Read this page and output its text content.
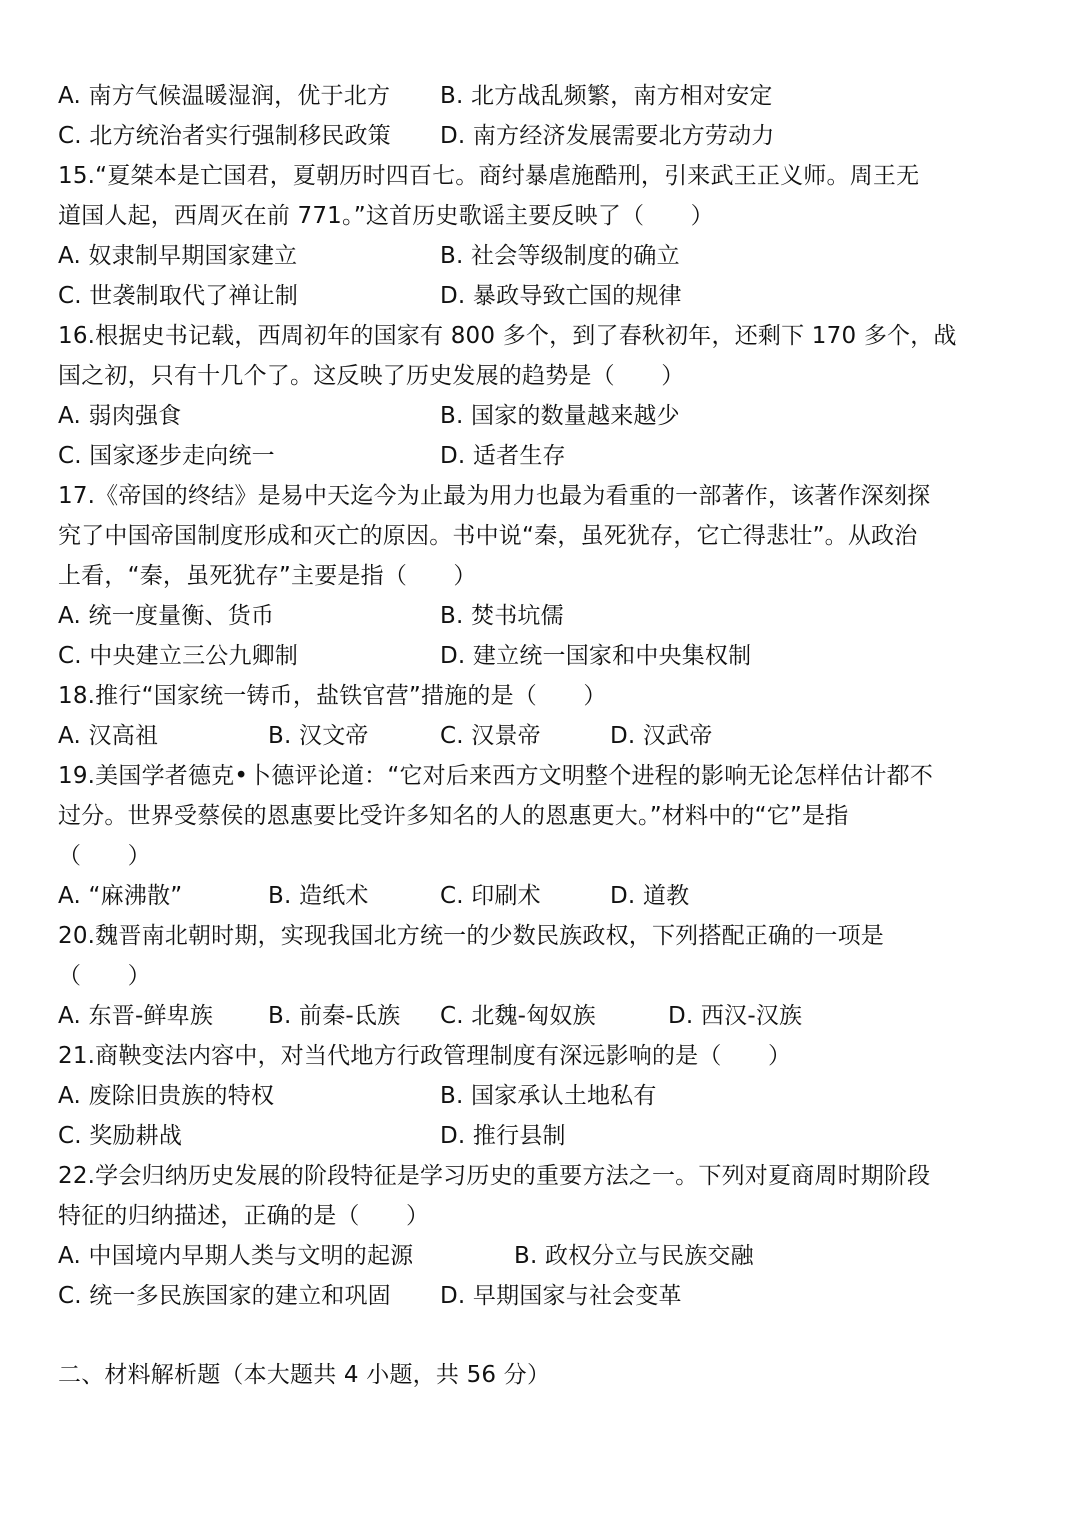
A. 南方气候温暖湿润，优于北方

B. 北方战乱频繁，南方相对安定

C. 北方统治者实行强制移民政策

D. 南方经济发展需要北方劳动力

15.“夏桀本是亡国君，夏朝历时四百七。商纣暴虐施酷刑，引来武王正义师。周王无
道国人起，西周灭在前 771。”这首历史歌谣主要反映了（　　）

A. 奴隶制早期国家建立

	B. 社会等级制度的确立

C. 世袭制取代了禅让制

	D. 暴政导致亡国的规律

16.根据史书记载，西周初年的国家有 800 多个，到了春秋初年，还剩下 170 多个，战
国之初，只有十几个了。这反映了历史发展的趋势是（　　）

A. 弱肉强食

	B. 国家的数量越来越少

C. 国家逐步走向统一

	D. 适者生存

17.《帝国的终结》是易中天迄今为止最为用力也最为看重的一部著作，该著作深刻探
究了中国帝国制度形成和灭亡的原因。书中说“秦，虽死犹存，它亡得悲壮”。从政治
上看，“秦，虽死犹存”主要是指（　　）

A. 统一度量衡、货币

	B. 焚书坑儒

C. 中央建立三公九卿制

	D. 建立统一国家和中央集权制

18.推行“国家统一铸币，盐铁官营”措施的是（　　）

A. 汉高祖

	B. 汉文帝

	C. 汉景帝

	D. 汉武帝

19.美国学者德克•卜德评论道：“它对后来西方文明整个进程的影响无论怎样估计都不
过分。世界受蔡侯的恩惠要比受许多知名的人的恩惠更大。”材料中的“它”是指
（　　）

A. “麻沸散”

	B. 造纸术

	C. 印刷术

	D. 道教

20.魏晋南北朝时期，实现我国北方统一的少数民族政权，下列搭配正确的一项是
（　　）

A. 东晋-鲜卑族

B. 前秦-氐族

C. 北魏-匈奴族

	D. 西汉-汉族

21.商鞅变法内容中，对当代地方行政管理制度有深远影响的是（　　）

A. 废除旧贵族的特权

	B. 国家承认土地私有

C. 奖励耕战

	D. 推行县制

22.学会归纳历史发展的阶段特征是学习历史的重要方法之一。下列对夏商周时期阶段
特征的归纳描述，正确的是（　　）

A. 中国境内早期人类与文明的起源

	B. 政权分立与民族交融

C. 统一多民族国家的建立和巩固

D. 早期国家与社会变革

二、材料解析题（本大题共 4 小题，共 56 分）
